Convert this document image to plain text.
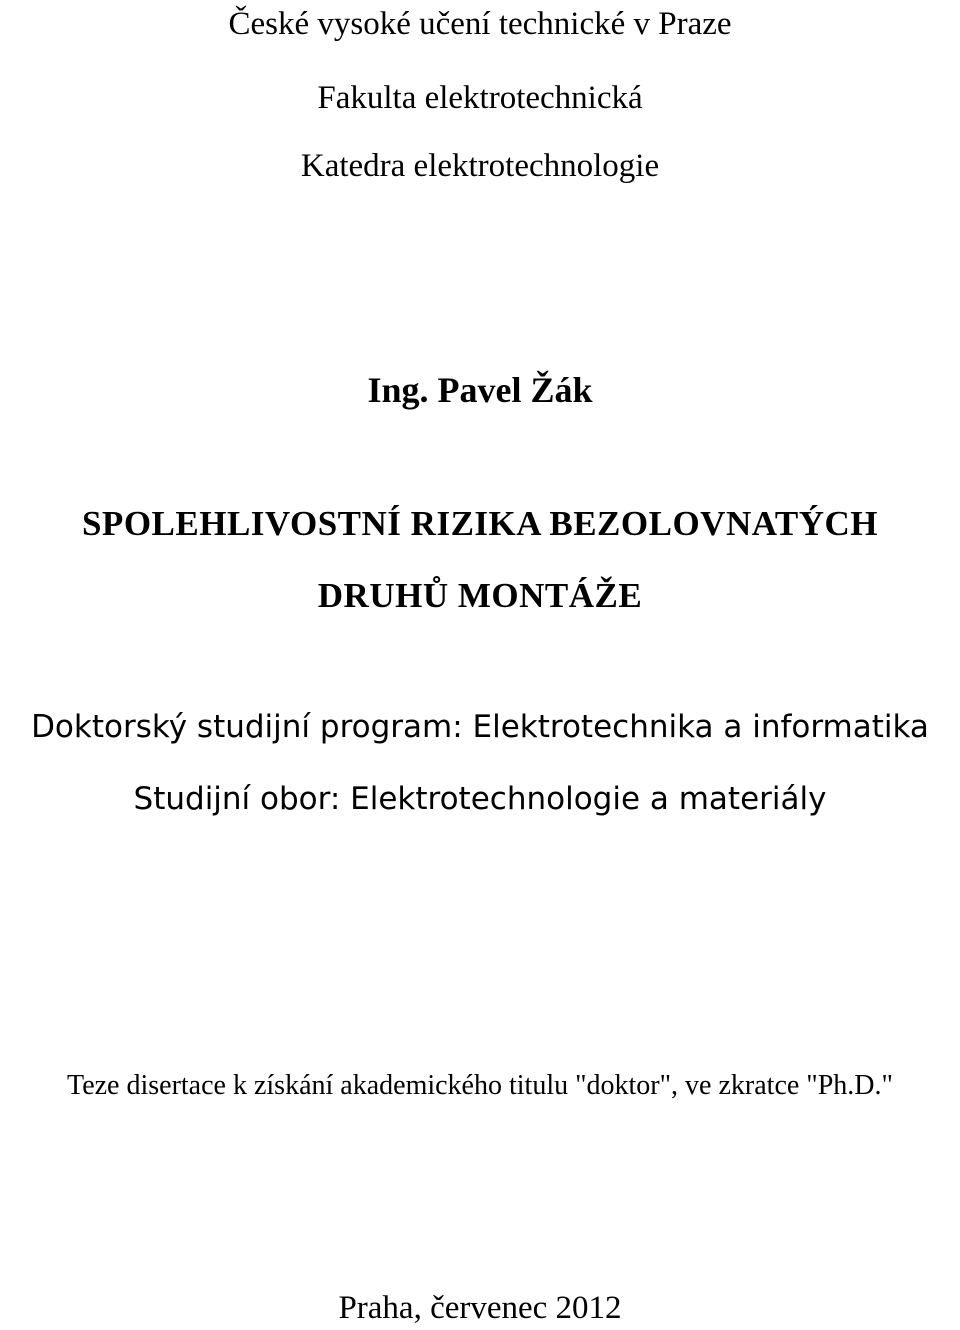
České vysoké učení technické v Praze
Fakulta elektrotechnická
Katedra elektrotechnologie
Ing. Pavel Žák
SPOLEHLIVOSTNÍ RIZIKA BEZOLOVNATÝCH
DRUHŮ MONTÁŽE
Doktorský studijní program: Elektrotechnika a informatika
Studijní obor: Elektrotechnologie a materiály
Teze disertace k získání akademického titulu "doktor", ve zkratce "Ph.D."
Praha, červenec 2012
